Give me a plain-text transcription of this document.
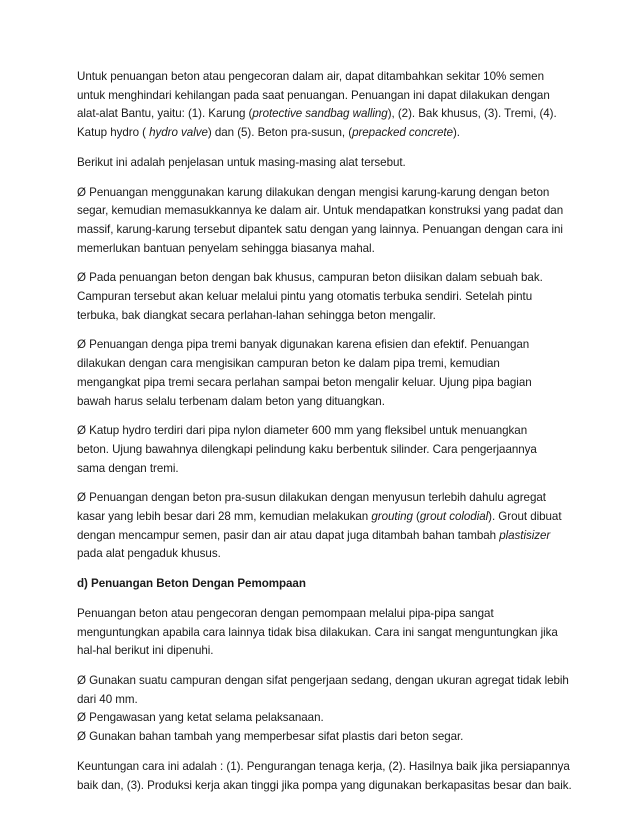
Untuk penuangan beton atau pengecoran dalam air, dapat ditambahkan sekitar 10% semen
untuk menghindari kehilangan pada saat penuangan. Penuangan ini dapat dilakukan dengan
alat-alat Bantu, yaitu: (1). Karung (protective sandbag walling), (2). Bak khusus, (3). Tremi, (4).
Katup hydro ( hydro valve) dan (5). Beton pra-susun, (prepacked concrete).

Berikut ini adalah penjelasan untuk masing-masing alat tersebut.

Ø Penuangan menggunakan karung dilakukan dengan mengisi karung-karung dengan beton
segar, kemudian memasukkannya ke dalam air. Untuk mendapatkan konstruksi yang padat dan
massif, karung-karung tersebut dipantek satu dengan yang lainnya. Penuangan dengan cara ini
memerlukan bantuan penyelam sehingga biasanya mahal.

Ø Pada penuangan beton dengan bak khusus, campuran beton diisikan dalam sebuah bak.
Campuran tersebut akan keluar melalui pintu yang otomatis terbuka sendiri. Setelah pintu
terbuka, bak diangkat secara perlahan-lahan sehingga beton mengalir.

Ø Penuangan denga pipa tremi banyak digunakan karena efisien dan efektif. Penuangan
dilakukan dengan cara mengisikan campuran beton ke dalam pipa tremi, kemudian
mengangkat pipa tremi secara perlahan sampai beton mengalir keluar. Ujung pipa bagian
bawah harus selalu terbenam dalam beton yang dituangkan.

Ø Katup hydro terdiri dari pipa nylon diameter 600 mm yang fleksibel untuk menuangkan
beton. Ujung bawahnya dilengkapi pelindung kaku berbentuk silinder. Cara pengerjaannya
sama dengan tremi.

Ø Penuangan dengan beton pra-susun dilakukan dengan menyusun terlebih dahulu agregat
kasar yang lebih besar dari 28 mm, kemudian melakukan grouting (grout colodial). Grout dibuat
dengan mencampur semen, pasir dan air atau dapat juga ditambah bahan tambah plastisizer
pada alat pengaduk khusus.

d) Penuangan Beton Dengan Pemompaan

Penuangan beton atau pengecoran dengan pemompaan melalui pipa-pipa sangat
menguntungkan apabila cara lainnya tidak bisa dilakukan. Cara ini sangat menguntungkan jika
hal-hal berikut ini dipenuhi.

Ø Gunakan suatu campuran dengan sifat pengerjaan sedang, dengan ukuran agregat tidak lebih
dari 40 mm.
Ø Pengawasan yang ketat selama pelaksanaan.
Ø Gunakan bahan tambah yang memperbesar sifat plastis dari beton segar.

Keuntungan cara ini adalah : (1). Pengurangan tenaga kerja, (2). Hasilnya baik jika persiapannya
baik dan, (3). Produksi kerja akan tinggi jika pompa yang digunakan berkapasitas besar dan baik.
